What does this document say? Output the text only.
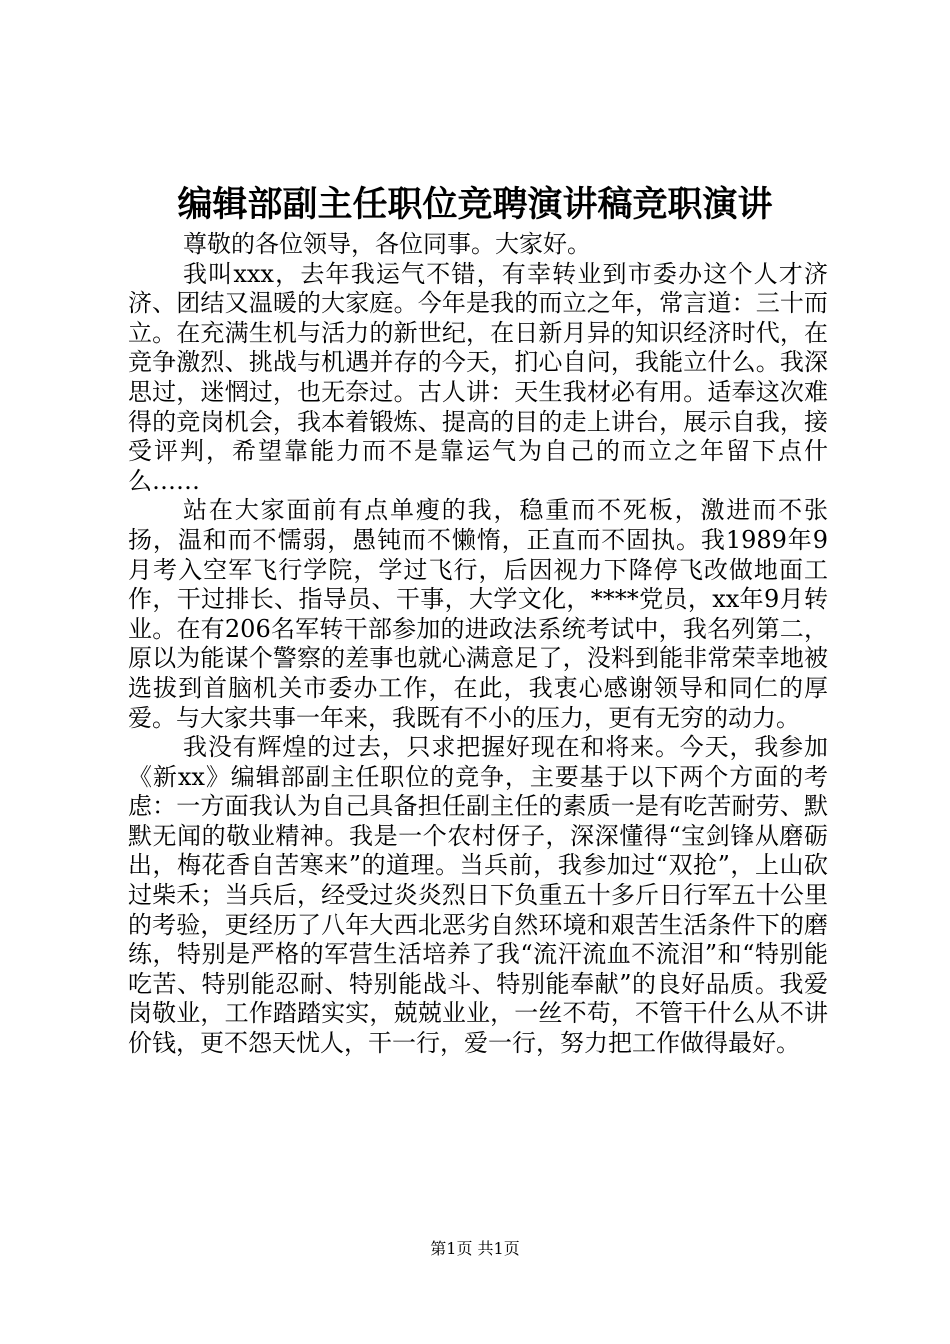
编辑部副主任职位竞聘演讲稿竞职演讲

尊敬的各位领导，各位同事。大家好。

我叫xxx，去年我运气不错，有幸转业到市委办这个人才济济、团结又温暖的大家庭。今年是我的而立之年，常言道：三十而立。在充满生机与活力的新世纪，在日新月异的知识经济时代，在竞争激烈、挑战与机遇并存的今天，扪心自问，我能立什么。我深思过，迷惘过，也无奈过。古人讲：天生我材必有用。适奉这次难得的竞岗机会，我本着锻炼、提高的目的走上讲台，展示自我，接受评判，希望靠能力而不是靠运气为自己的而立之年留下点什么……

站在大家面前有点单瘦的我，稳重而不死板，激进而不张扬，温和而不懦弱，愚钝而不懒惰，正直而不固执。我1989年9月考入空军飞行学院，学过飞行，后因视力下降停飞改做地面工作，干过排长、指导员、干事，大学文化，****党员，xx年9月转业。在有206名军转干部参加的进政法系统考试中，我名列第二，原以为能谋个警察的差事也就心满意足了，没料到能非常荣幸地被选拔到首脑机关市委办工作，在此，我衷心感谢领导和同仁的厚爱。与大家共事一年来，我既有不小的压力，更有无穷的动力。

我没有辉煌的过去，只求把握好现在和将来。今天，我参加《新xx》编辑部副主任职位的竞争，主要基于以下两个方面的考虑：一方面我认为自己具备担任副主任的素质一是有吃苦耐劳、默默无闻的敬业精神。我是一个农村伢子，深深懂得“宝剑锋从磨砺出，梅花香自苦寒来”的道理。当兵前，我参加过“双抢”，上山砍过柴禾；当兵后，经受过炎炎烈日下负重五十多斤日行军五十公里的考验，更经历了八年大西北恶劣自然环境和艰苦生活条件下的磨练，特别是严格的军营生活培养了我“流汗流血不流泪”和“特别能吃苦、特别能忍耐、特别能战斗、特别能奉献”的良好品质。我爱岗敬业，工作踏踏实实，兢兢业业，一丝不苟，不管干什么从不讲价钱，更不怨天忧人，干一行，爱一行，努力把工作做得最好。

第1页 共1页
